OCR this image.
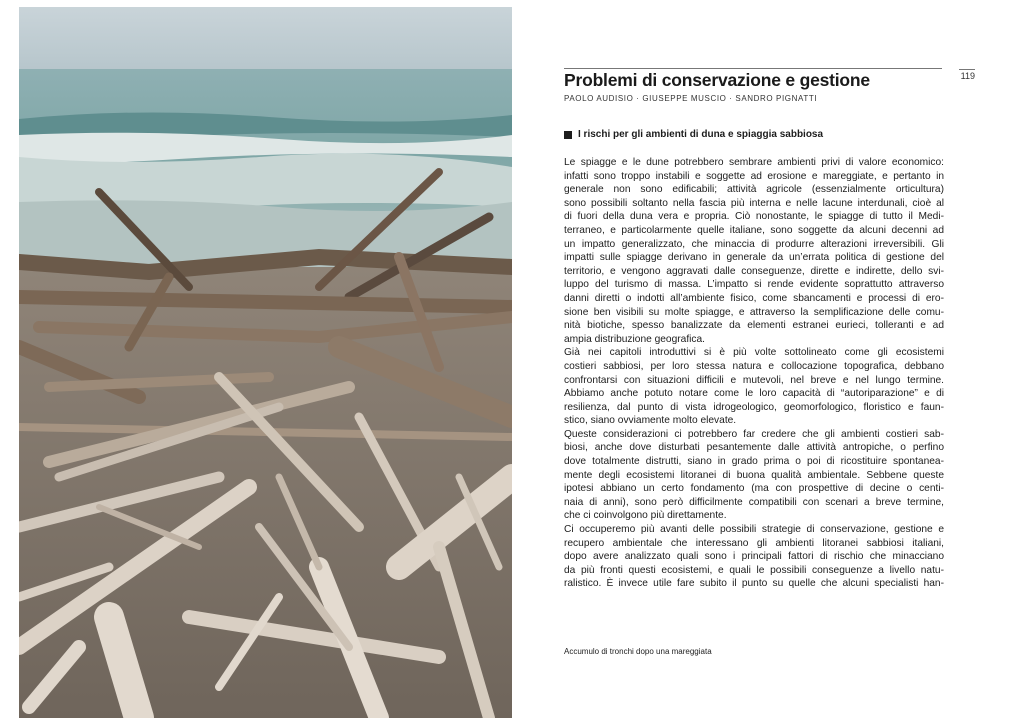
119
Problemi di conservazione e gestione
PAOLO AUDISIO · GIUSEPPE MUSCIO · SANDRO PIGNATTI
I rischi per gli ambienti di duna e spiaggia sabbiosa
Le spiagge e le dune potrebbero sembrare ambienti privi di valore economico:
infatti sono troppo instabili e soggette ad erosione e mareggiate, e pertanto in
generale non sono edificabili; attività agricole (essenzialmente orticultura)
sono possibili soltanto nella fascia più interna e nelle lacune interdunali, cioè al
di fuori della duna vera e propria. Ciò nonostante, le spiagge di tutto il Medi-
terraneo, e particolarmente quelle italiane, sono soggette da alcuni decenni ad
un impatto generalizzato, che minaccia di produrre alterazioni irreversibili. Gli
impatti sulle spiagge derivano in generale da un’errata politica di gestione del
territorio, e vengono aggravati dalle conseguenze, dirette e indirette, dello svi-
luppo del turismo di massa. L’impatto si rende evidente soprattutto attraverso
danni diretti o indotti all’ambiente fisico, come sbancamenti e processi di ero-
sione ben visibili su molte spiagge, e attraverso la semplificazione delle comu-
nità biotiche, spesso banalizzate da elementi estranei eurieci, tolleranti e ad
ampia distribuzione geografica.
Già nei capitoli introduttivi si è più volte sottolineato come gli ecosistemi
costieri sabbiosi, per loro stessa natura e collocazione topografica, debbano
confrontarsi con situazioni difficili e mutevoli, nel breve e nel lungo termine.
Abbiamo anche potuto notare come le loro capacità di “autoriparazione” e di
resilienza, dal punto di vista idrogeologico, geomorfologico, floristico e faun-
stico, siano ovviamente molto elevate.
Queste considerazioni ci potrebbero far credere che gli ambienti costieri sab-
biosi, anche dove disturbati pesantemente dalle attività antropiche, o perfino
dove totalmente distrutti, siano in grado prima o poi di ricostituire spontanea-
mente degli ecosistemi litoranei di buona qualità ambientale. Sebbene queste
ipotesi abbiano un certo fondamento (ma con prospettive di decine o centi-
naia di anni), sono però difficilmente compatibili con scenari a breve termine,
che ci coinvolgono più direttamente.
Ci occuperemo più avanti delle possibili strategie di conservazione, gestione e
recupero ambientale che interessano gli ambienti litoranei sabbiosi italiani,
dopo avere analizzato quali sono i principali fattori di rischio che minacciano
da più fronti questi ecosistemi, e quali le possibili conseguenze a livello natu-
ralistico. È invece utile fare subito il punto su quelle che alcuni specialisti han-
Accumulo di tronchi dopo una mareggiata
